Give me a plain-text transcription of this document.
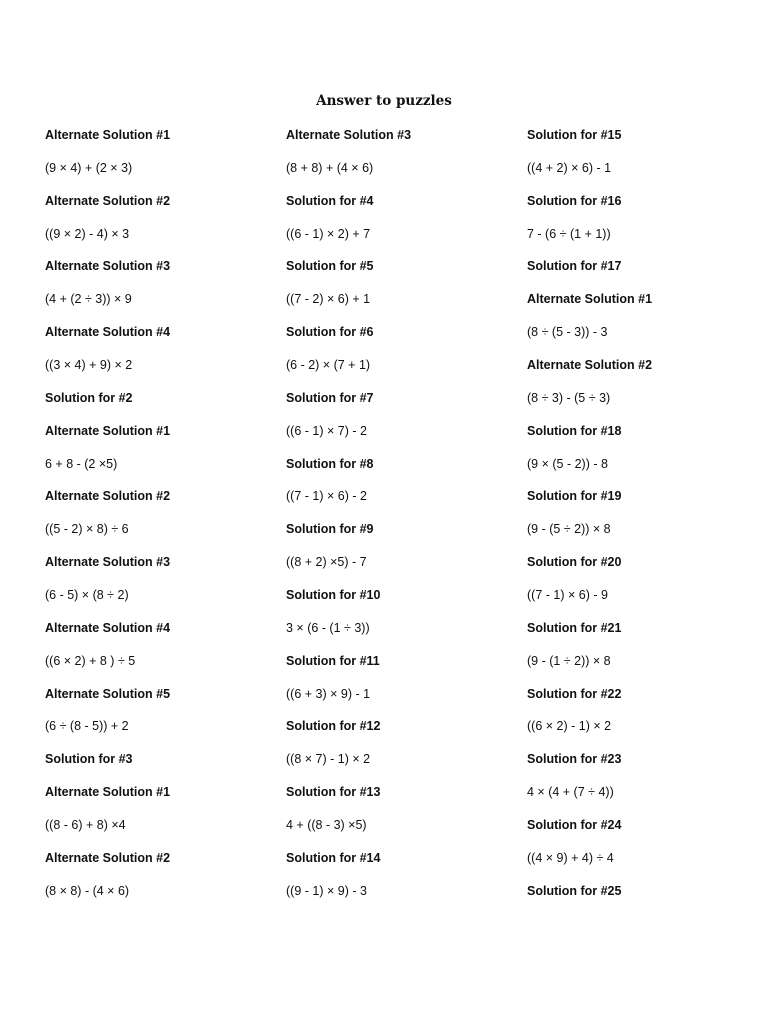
Answer to puzzles
Alternate Solution #1
(9 × 4) + (2 × 3)
Alternate Solution #2
((9 × 2) - 4) × 3
Alternate Solution #3
(4 + (2 ÷ 3)) × 9
Alternate Solution #4
((3 × 4) + 9) × 2
Solution for #2
Alternate Solution #1
6 + 8 - (2 ×5)
Alternate Solution #2
((5 - 2) × 8) ÷ 6
Alternate Solution #3
(6 - 5) × (8 ÷ 2)
Alternate Solution #4
((6 × 2) + 8 ) ÷ 5
Alternate Solution #5
(6 ÷ (8 - 5)) + 2
Solution for #3
Alternate Solution #1
((8 - 6) + 8) ×4
Alternate Solution #2
(8 × 8) - (4 × 6)
Alternate Solution #3
(8 + 8) + (4 × 6)
Solution for #4
((6 - 1) × 2) + 7
Solution for #5
((7 - 2) × 6) + 1
Solution for #6
(6 - 2) × (7 + 1)
Solution for #7
((6 - 1) × 7) - 2
Solution for #8
((7 - 1) × 6) - 2
Solution for #9
((8 + 2) ×5) - 7
Solution for #10
3 × (6 - (1 ÷ 3))
Solution for #11
((6 + 3) × 9) - 1
Solution for #12
((8 × 7) - 1) × 2
Solution for #13
4 + ((8 - 3) ×5)
Solution for #14
((9 - 1) × 9) - 3
Solution for #15
((4 + 2) × 6) - 1
Solution for #16
7 - (6 ÷ (1 + 1))
Solution for #17
Alternate Solution #1
(8 ÷ (5 - 3)) - 3
Alternate Solution #2
(8 ÷ 3) - (5 ÷ 3)
Solution for #18
(9 × (5 - 2)) - 8
Solution for #19
(9 - (5 ÷ 2)) × 8
Solution for #20
((7 - 1) × 6) - 9
Solution for #21
(9 - (1 ÷ 2)) × 8
Solution for #22
((6 × 2) - 1) × 2
Solution for #23
4 × (4 + (7 ÷ 4))
Solution for #24
((4 × 9) + 4) ÷ 4
Solution for #25
